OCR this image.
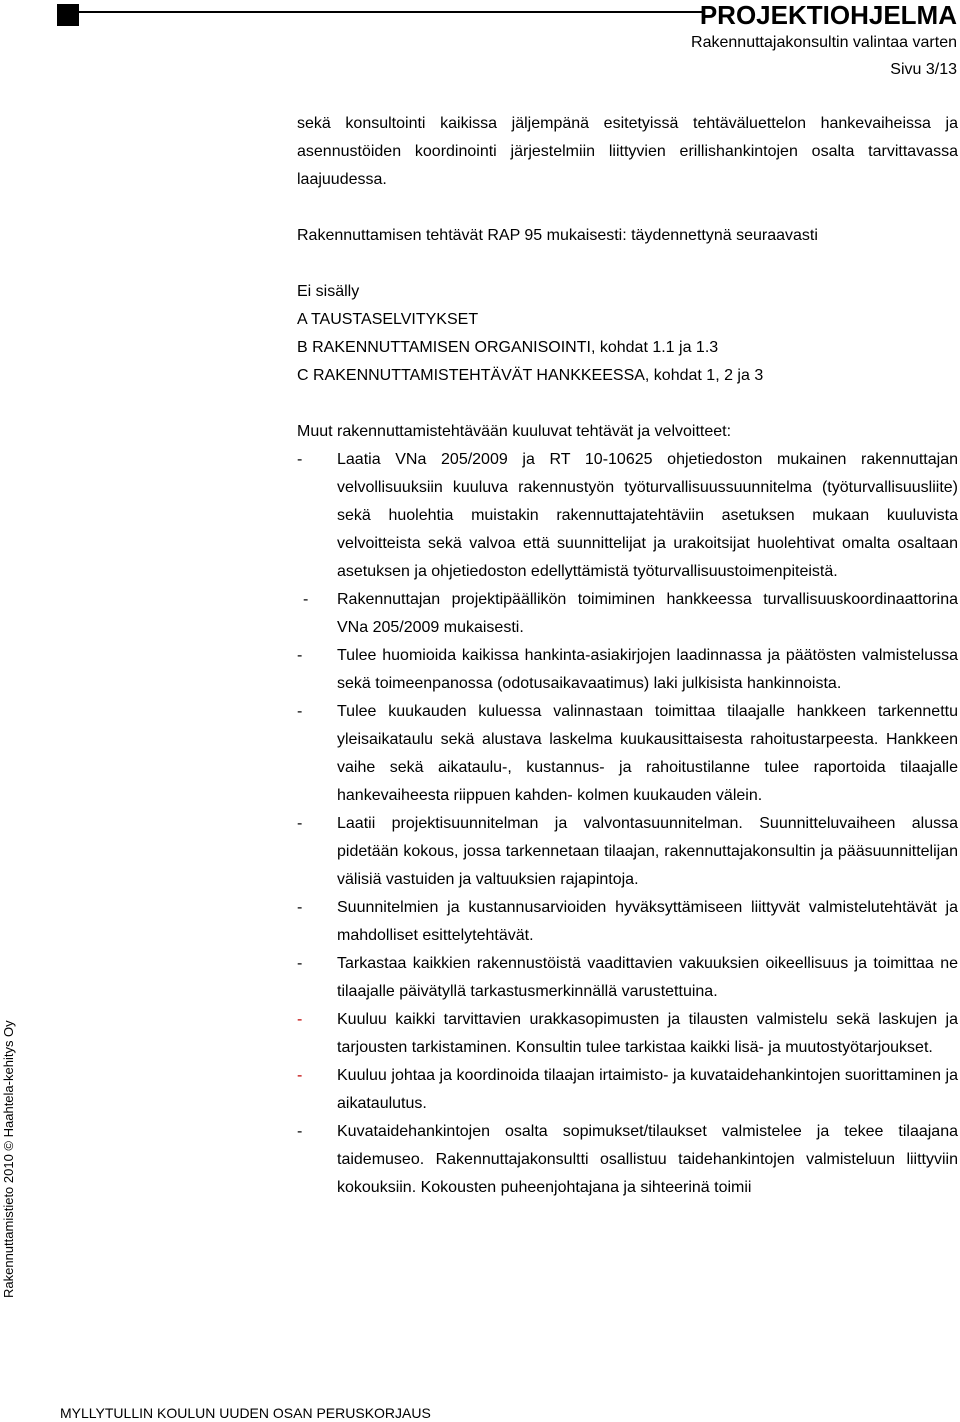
PROJEKTIOHJELMA
Rakennuttajakonsultin valintaa varten
Sivu 3/13
Rakennuttamistieto 2010 © Haahtela-kehitys Oy

sekä konsultointi kaikissa jäljempänä esitetyissä tehtäväluettelon hankevaiheissa ja asennustöiden koordinointi järjestelmiin liittyvien erillishankintojen osalta tarvittavassa laajuudessa.

Rakennuttamisen tehtävät RAP 95 mukaisesti: täydennettynä seuraavasti

Ei sisälly

A TAUSTASELVITYKSET

B RAKENNUTTAMISEN ORGANISOINTI, kohdat 1.1 ja 1.3

C RAKENNUTTAMISTEHTÄVÄT HANKKEESSA, kohdat 1, 2 ja 3

Muut rakennuttamistehtävään kuuluvat tehtävät ja velvoitteet:

- Laatia VNa 205/2009 ja RT 10-10625 ohjetiedoston mukainen rakennuttajan velvollisuuksiin kuuluva rakennustyön työturvallisuussuunnitelma (työturvallisuusliite) sekä huolehtia muistakin rakennuttajatehtäviin asetuksen mukaan kuuluvista velvoitteista sekä valvoa että suunnittelijat ja urakoitsijat huolehtivat omalta osaltaan asetuksen ja ohjetiedoston edellyttämistä työturvallisuustoimenpiteistä.
- Rakennuttajan projektipäällikön toimiminen hankkeessa turvallisuuskoordinaattorina VNa 205/2009 mukaisesti.
- Tulee huomioida kaikissa hankinta-asiakirjojen laadinnassa ja päätösten valmistelussa sekä toimeenpanossa (odotusaikavaatimus) laki julkisista hankinnoista.
- Tulee kuukauden kuluessa valinnastaan toimittaa tilaajalle hankkeen tarkennettu yleisaikataulu sekä alustava laskelma kuukausittaisesta rahoitustarpeesta. Hankkeen vaihe sekä aikataulu-, kustannus- ja rahoitustilanne tulee raportoida tilaajalle hankevaiheesta riippuen kahden- kolmen kuukauden välein.
- Laatii projektisuunnitelman ja valvontasuunnitelman. Suunnitteluvaiheen alussa pidetään kokous, jossa tarkennetaan tilaajan, rakennuttajakonsultin ja pääsuunnittelijan välisiä vastuiden ja valtuuksien rajapintoja.
- Suunnitelmien ja kustannusarvioiden hyväksyttämiseen liittyvät valmistelutehtävät ja mahdolliset esittelytehtävät.
- Tarkastaa kaikkien rakennustöistä vaadittavien vakuuksien oikeellisuus ja toimittaa ne tilaajalle päivätyllä tarkastusmerkinnällä varustettuina.
- Kuuluu kaikki tarvittavien urakkasopimusten ja tilausten valmistelu sekä laskujen ja tarjousten tarkistaminen. Konsultin tulee tarkistaa kaikki lisä- ja muutostyötarjoukset.
- Kuuluu johtaa ja koordinoida tilaajan irtaimisto- ja kuvataidehankintojen suorittaminen ja aikataulutus.
- Kuvataidehankintojen osalta sopimukset/tilaukset valmistelee ja tekee tilaajana taidemuseo. Rakennuttajakonsultti osallistuu taidehankintojen valmisteluun liittyviin kokouksiin. Kokousten puheenjohtajana ja sihteerinä toimii
MYLLYTULLIN KOULUN UUDEN OSAN PERUSKORJAUS
